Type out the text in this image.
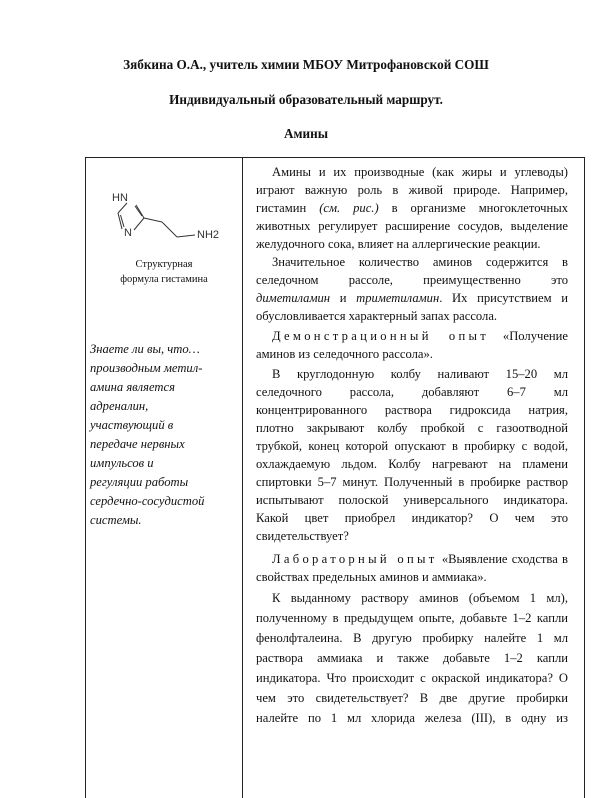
Зябкина О.А., учитель химии МБОУ Митрофановской СОШ
Индивидуальный образовательный маршрут.
Амины
HN
N	NH2
Структурная
формула гистамина
Знаете ли вы, что…
производным метил-
амина является
адреналин,
участвующий в
передаче нервных
импульсов и
регуляции работы
сердечно-сосудистой
системы.
Амины и их производные (как жиры и углеводы)
играют важную роль в живой природе. Например,
гистамин (см. рис.) в организме многоклеточных
животных регулирует расширение сосудов, выделение
желудочного сока, влияет на аллергические реакции.
Значительное количество аминов содержится в
селедочном рассоле, преимущественно это
диметиламин и триметиламин. Их присутствием и
обусловливается характерный запах рассола.
Демонстрационный опыт «Получение
аминов из селедочного рассола».
В круглодонную колбу наливают 15–20 мл
селедочного рассола, добавляют 6–7 мл
концентрированного раствора гидроксида натрия,
плотно закрывают колбу пробкой с газоотводной
трубкой, конец которой опускают в пробирку с водой,
охлаждаемую льдом. Колбу нагревают на пламени
спиртовки 5–7 минут. Полученный в пробирке раствор
испытывают полоской универсального индикатора.
Какой цвет приобрел индикатор? О чем это
свидетельствует?
Лабораторный опыт «Выявление сходства в
свойствах предельных аминов и аммиака».
К выданному раствору аминов (объемом 1 мл),
полученному в предыдущем опыте, добавьте 1–2 капли
фенолфталеина. В другую пробирку налейте 1 мл
раствора аммиака и также добавьте 1–2 капли
индикатора. Что происходит с окраской индикатора? О
чем это свидетельствует? В две другие пробирки
налейте по 1 мл хлорида железа (III), в одну из
